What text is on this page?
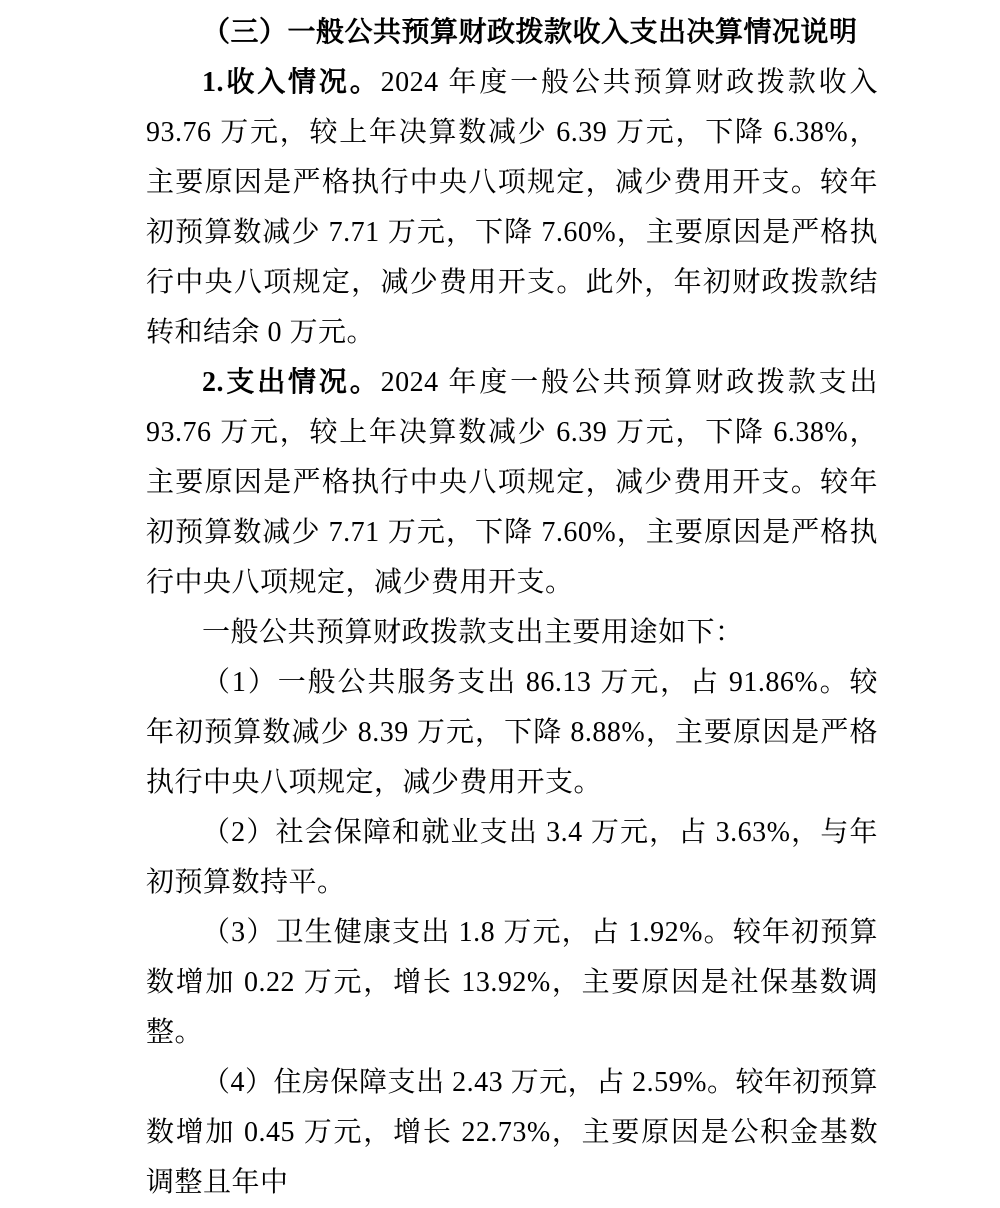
（三）一般公共预算财政拨款收入支出决算情况说明

1.收入情况。2024 年度一般公共预算财政拨款收入 93.76 万元，较上年决算数减少 6.39 万元，下降 6.38%，主要原因是严格执行中央八项规定，减少费用开支。较年初预算数减少 7.71 万元，下降 7.60%，主要原因是严格执行中央八项规定，减少费用开支。此外，年初财政拨款结转和结余 0 万元。

2.支出情况。2024 年度一般公共预算财政拨款支出 93.76 万元，较上年决算数减少 6.39 万元，下降 6.38%，主要原因是严格执行中央八项规定，减少费用开支。较年初预算数减少 7.71 万元，下降 7.60%，主要原因是严格执行中央八项规定，减少费用开支。

一般公共预算财政拨款支出主要用途如下：

（1）一般公共服务支出 86.13 万元，占 91.86%。较年初预算数减少 8.39 万元，下降 8.88%，主要原因是严格执行中央八项规定，减少费用开支。

（2）社会保障和就业支出 3.4 万元，占 3.63%，与年初预算数持平。

（3）卫生健康支出 1.8 万元，占 1.92%。较年初预算数增加 0.22 万元，增长 13.92%，主要原因是社保基数调整。

（4）住房保障支出 2.43 万元，占 2.59%。较年初预算数增加 0.45 万元，增长 22.73%，主要原因是公积金基数调整且年中
